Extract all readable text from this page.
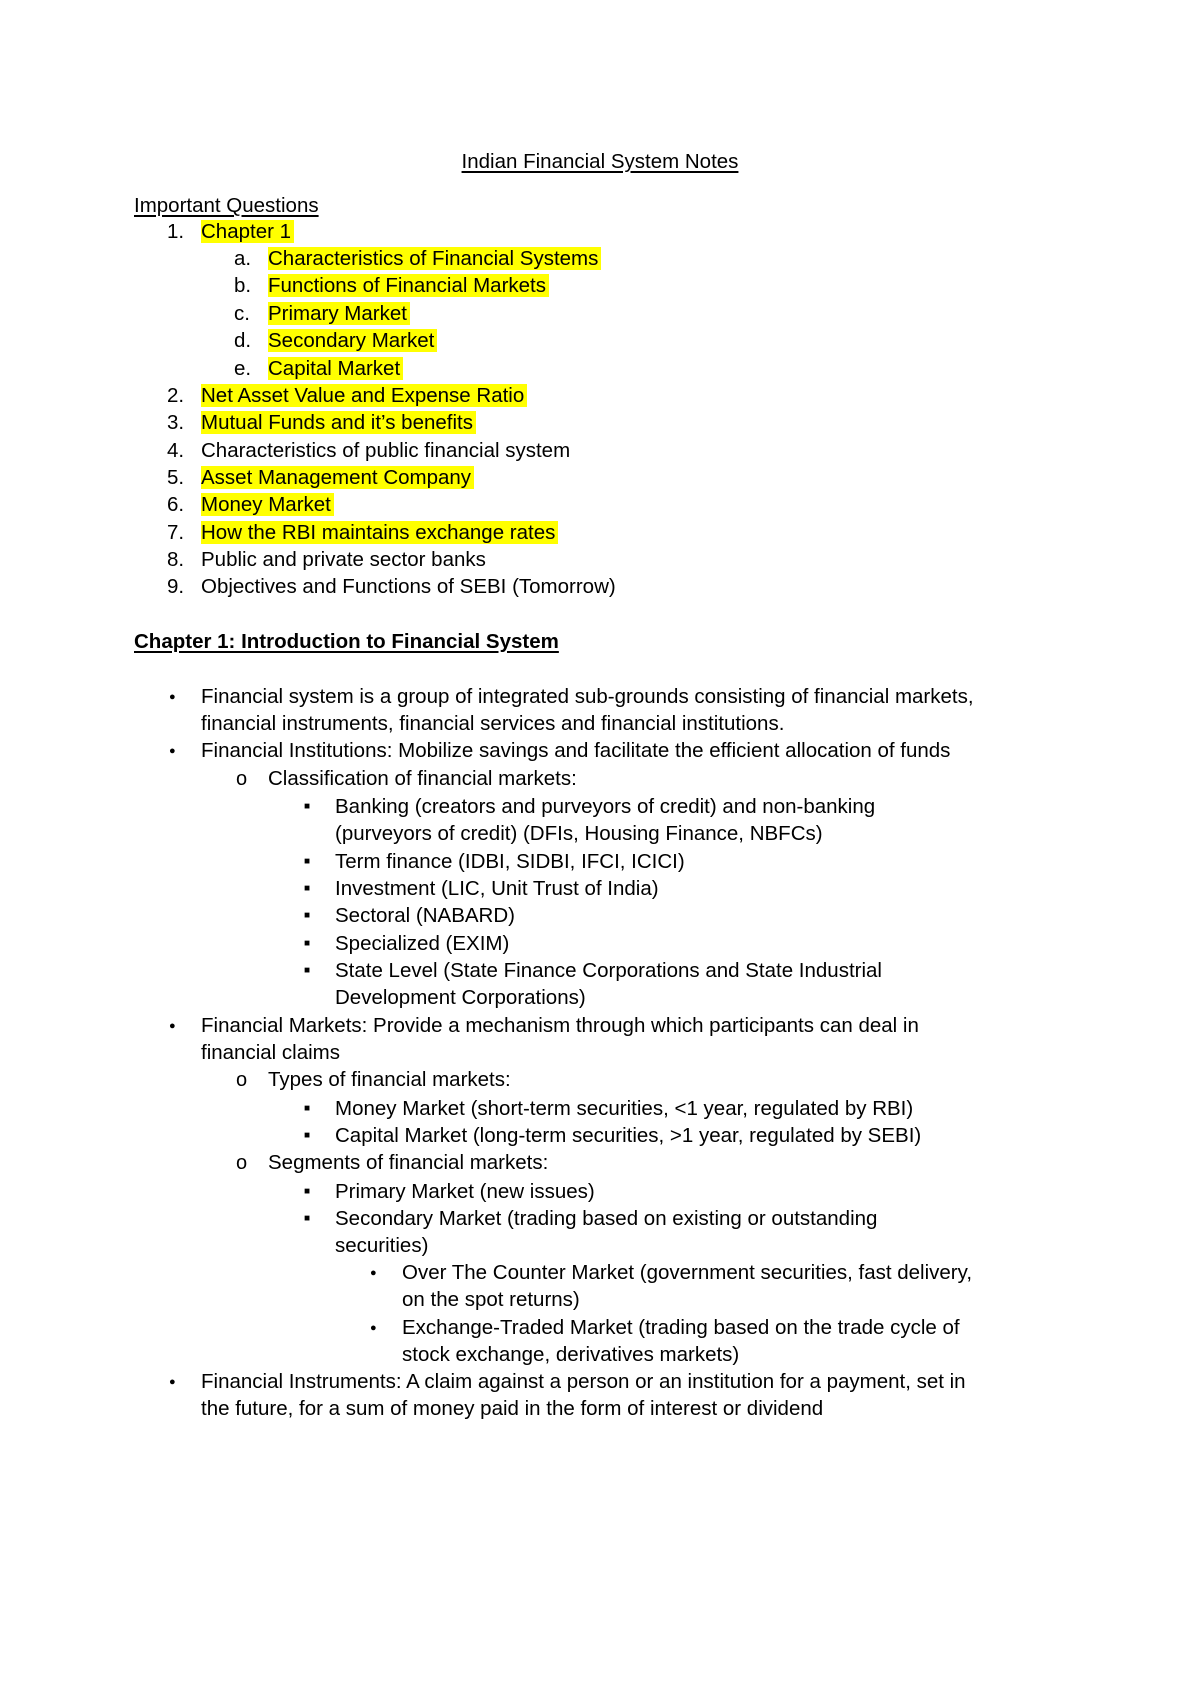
Indian Financial System Notes
Important Questions
1. Chapter 1
a. Characteristics of Financial Systems
b. Functions of Financial Markets
c. Primary Market
d. Secondary Market
e. Capital Market
2. Net Asset Value and Expense Ratio
3. Mutual Funds and it’s benefits
4. Characteristics of public financial system
5. Asset Management Company
6. Money Market
7. How the RBI maintains exchange rates
8. Public and private sector banks
9. Objectives and Functions of SEBI (Tomorrow)
Chapter 1: Introduction to Financial System
●
Financial system is a group of integrated sub-grounds consisting of financial markets,
financial instruments, financial services and financial institutions.
●
Financial Institutions: Mobilize savings and facilitate the efficient allocation of funds
o
Classification of financial markets:
■
Banking (creators and purveyors of credit) and non-banking
(purveyors of credit) (DFIs, Housing Finance, NBFCs)
■
Term finance (IDBI, SIDBI, IFCI, ICICI)
■
Investment (LIC, Unit Trust of India)
■
Sectoral (NABARD)
■
Specialized (EXIM)
■
State Level (State Finance Corporations and State Industrial
Development Corporations)
●
Financial Markets: Provide a mechanism through which participants can deal in
financial claims
o
Types of financial markets:
■
Money Market (short-term securities, <1 year, regulated by RBI)
■
Capital Market (long-term securities, >1 year, regulated by SEBI)
o
Segments of financial markets:
■
Primary Market (new issues)
■
Secondary Market (trading based on existing or outstanding
securities)
●
Over The Counter Market (government securities, fast delivery,
on the spot returns)
●
Exchange-Traded Market (trading based on the trade cycle of
stock exchange, derivatives markets)
●
Financial Instruments: A claim against a person or an institution for a payment, set in
the future, for a sum of money paid in the form of interest or dividend
